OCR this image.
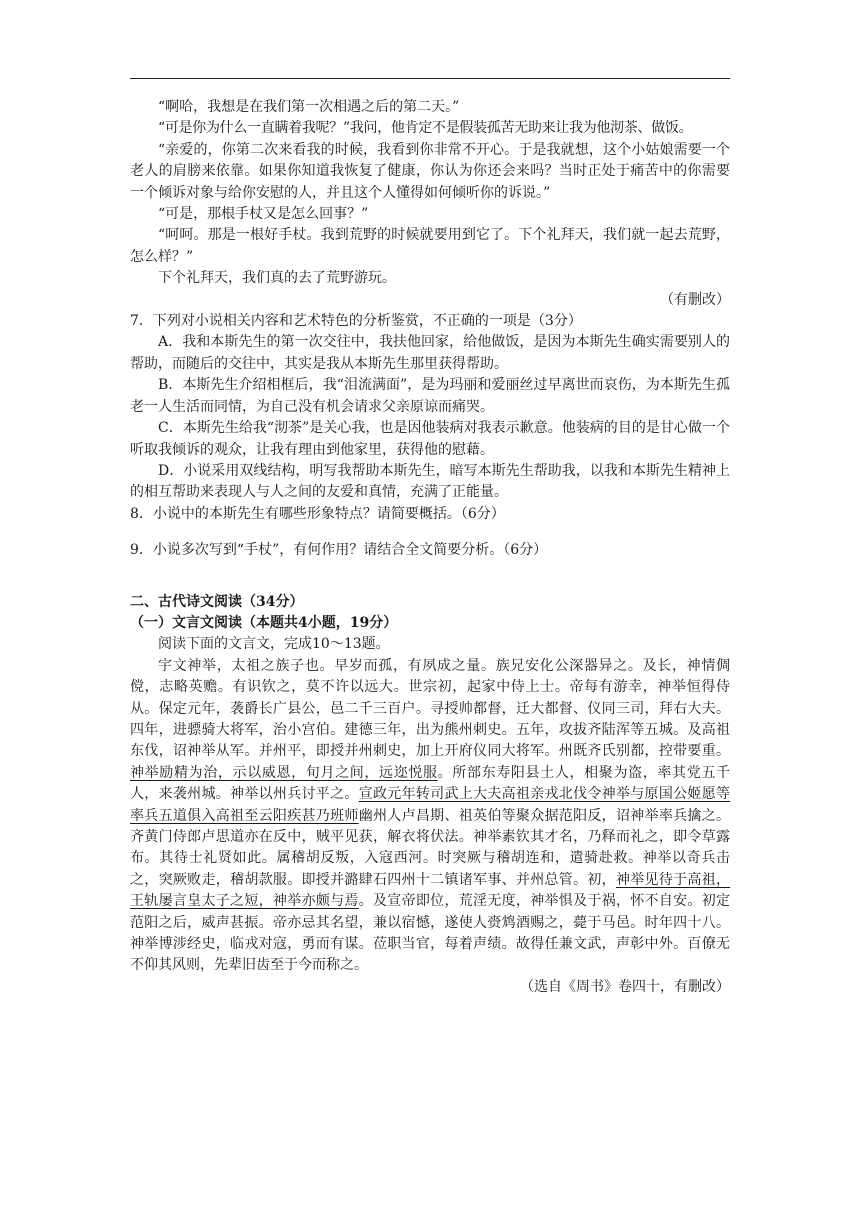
“啊哈，我想是在我们第一次相遇之后的第二天。”

“可是你为什么一直瞒着我呢？”我问，他肯定不是假装孤苦无助来让我为他沏茶、做饭。

“亲爱的，你第二次来看我的时候，我看到你非常不开心。于是我就想，这个小姑娘需要一个老人的肩膀来依靠。如果你知道我恢复了健康，你认为你还会来吗？当时正处于痛苦中的你需要一个倾诉对象与给你安慰的人，并且这个人懂得如何倾听你的诉说。”

“可是，那根手杖又是怎么回事？”

“呵呵。那是一根好手杖。我到荒野的时候就要用到它了。下个礼拜天，我们就一起去荒野，怎么样？”

下个礼拜天，我们真的去了荒野游玩。

（有删改）

7．下列对小说相关内容和艺术特色的分析鉴赏，不正确的一项是（3分）

A．我和本斯先生的第一次交往中，我扶他回家，给他做饭，是因为本斯先生确实需要别人的帮助，而随后的交往中，其实是我从本斯先生那里获得帮助。

B．本斯先生介绍相框后，我“泪流满面”，是为玛丽和爱丽丝过早离世而哀伤，为本斯先生孤老一人生活而同情，为自己没有机会请求父亲原谅而痛哭。

C．本斯先生给我“沏茶”是关心我，也是因他装病对我表示歉意。他装病的目的是甘心做一个听取我倾诉的观众，让我有理由到他家里，获得他的慰藉。

D．小说采用双线结构，明写我帮助本斯先生，暗写本斯先生帮助我，以我和本斯先生精神上的相互帮助来表现人与人之间的友爱和真情，充满了正能量。

8．小说中的本斯先生有哪些形象特点？请简要概括。（6分）

9．小说多次写到“手杖”，有何作用？请结合全文简要分析。（6分）

二、古代诗文阅读（34分）

（一）文言文阅读（本题共4小题，19分）

阅读下面的文言文，完成10～13题。

宇文神举，太祖之族子也。早岁而孤，有夙成之量。族兄安化公深器异之。及长，神情倜傥，志略英赡。有识钦之，莫不许以远大。世宗初，起家中侍上士。帝每有游幸，神举恒得侍从。保定元年，袭爵长广县公，邑二千三百户。寻授帅都督，迁大都督、仪同三司，拜右大夫。四年，进骠骑大将军，治小宫伯。建德三年，出为熊州刺史。五年，攻拔齐陆浑等五城。及高祖东伐，诏神举从军。并州平，即授并州刺史，加上开府仪同大将军。州既齐氏别都，控带要重。神举励精为治，示以威恩，旬月之间，远迩悦服。所部东寿阳县土人，相聚为盗，率其党五千人，来袭州城。神举以州兵讨平之。宣政元年转司武上大夫高祖亲戎北伐令神举与原国公姬愿等率兵五道俱入高祖至云阳疾甚乃班师幽州人卢昌期、祖英伯等聚众据范阳反，诏神举率兵擒之。齐黄门侍郎卢思道亦在反中，贼平见获，解衣将伏法。神举素钦其才名，乃释而礼之，即令草露布。其待士礼贤如此。属稽胡反叛，入寇西河。时突厥与稽胡连和，遣骑赴救。神举以奇兵击之，突厥败走，稽胡款服。即授并潞肆石四州十二镇诸军事、并州总管。初，神举见待于高祖，王轨屡言皇太子之短，神举亦颇与焉。及宣帝即位，荒淫无度，神举惧及于祸，怀不自安。初定范阳之后，威声甚振。帝亦忌其名望，兼以宿憾，遂使人赍鸩酒赐之，薨于马邑。时年四十八。神举博涉经史，临戎对寇，勇而有谋。莅职当官，每着声绩。故得任兼文武，声彰中外。百僚无不仰其风则，先辈旧齿至于今而称之。

（选自《周书》卷四十，有删改）
